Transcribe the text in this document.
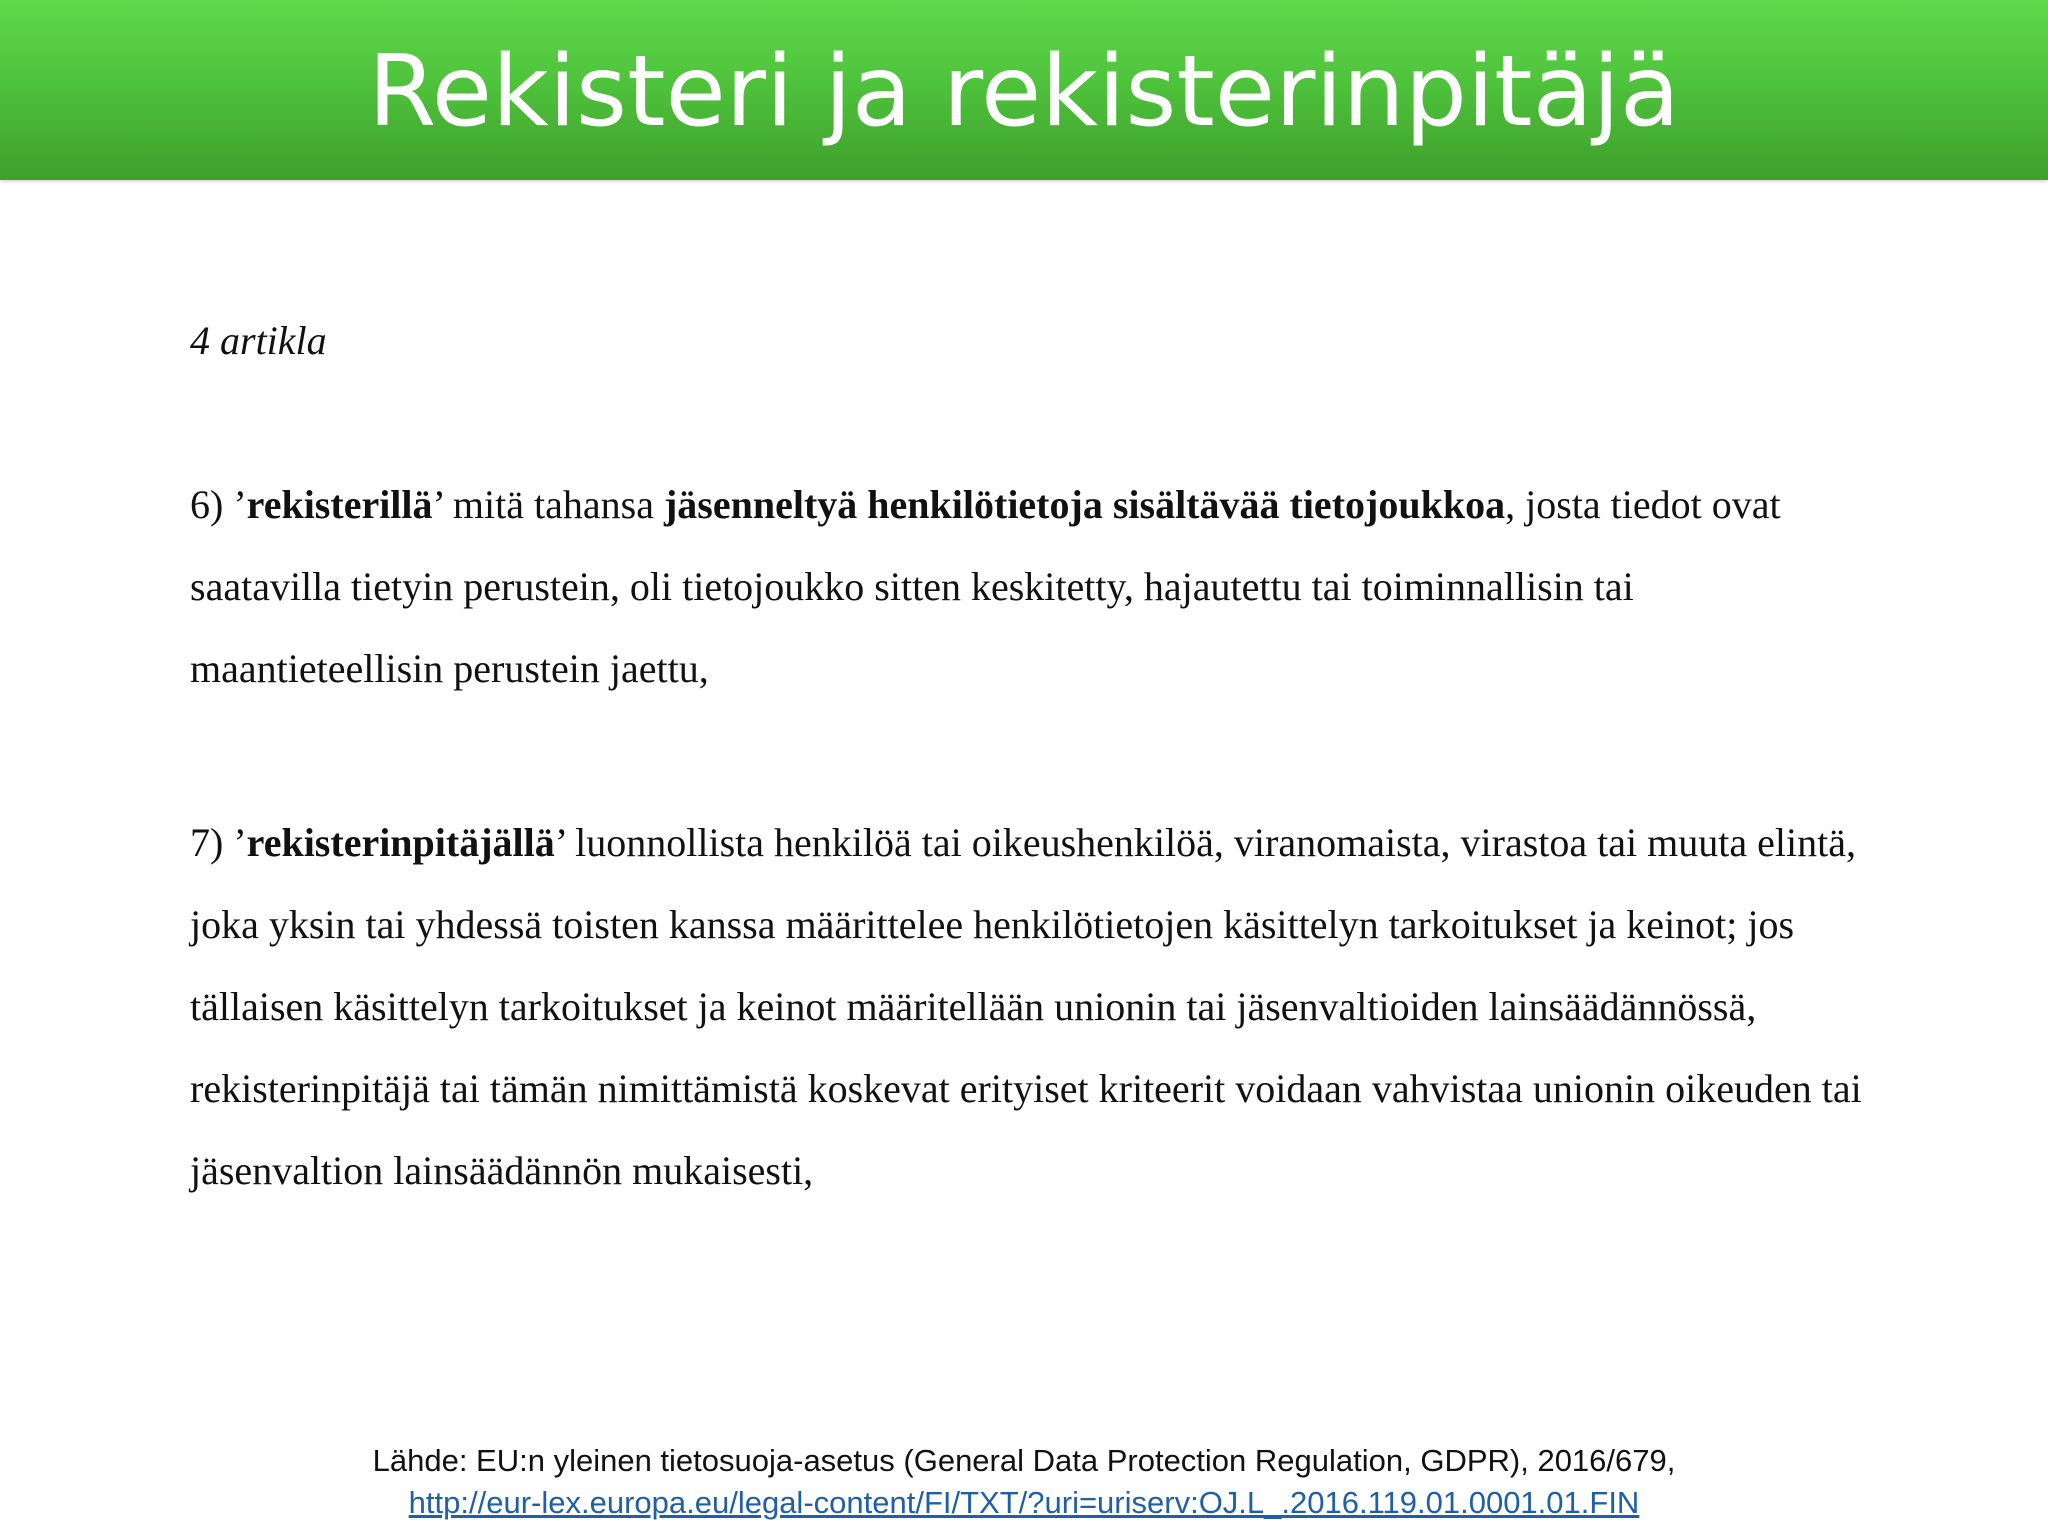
Rekisteri ja rekisterinpitäjä

4 artikla

6) ’rekisterillä’ mitä tahansa jäsenneltyä henkilötietoja sisältävää tietojoukkoa, josta tiedot ovat saatavilla tietyin perustein, oli tietojoukko sitten keskitetty, hajautettu tai toiminnallisin tai maantieteellisin perustein jaettu,

7) ’rekisterinpitäjällä’ luonnollista henkilöä tai oikeushenkilöä, viranomaista, virastoa tai muuta elintä, joka yksin tai yhdessä toisten kanssa määrittelee henkilötietojen käsittelyn tarkoitukset ja keinot; jos tällaisen käsittelyn tarkoitukset ja keinot määritellään unionin tai jäsenvaltioiden lainsäädännössä, rekisterinpitäjä tai tämän nimittämistä koskevat erityiset kriteerit voidaan vahvistaa unionin oikeuden tai jäsenvaltion lainsäädännön mukaisesti,

Lähde: EU:n yleinen tietosuoja-asetus (General Data Protection Regulation, GDPR), 2016/679,
http://eur-lex.europa.eu/legal-content/FI/TXT/?uri=uriserv:OJ.L_.2016.119.01.0001.01.FIN
